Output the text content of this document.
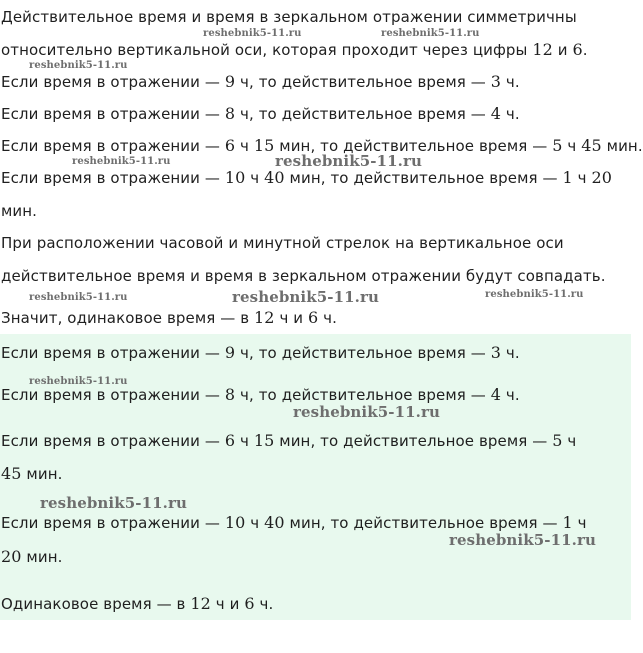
Действительное время и время в зеркальном отражении симметричны
относительно вертикальной оси, которая проходит через цифры 12 и 6.
Если время в отражении — 9 ч, то действительное время — 3 ч.
Если время в отражении — 8 ч, то действительное время — 4 ч.
Если время в отражении — 6 ч 15 мин, то действительное время — 5 ч 45 мин.
Если время в отражении — 10 ч 40 мин, то действительное время — 1 ч 20
мин.
При расположении часовой и минутной стрелок на вертикальное оси
действительное время и время в зеркальном отражении будут совпадать.
Значит, одинаковое время — в 12 ч и 6 ч.
Если время в отражении — 9 ч, то действительное время — 3 ч.
Если время в отражении — 8 ч, то действительное время — 4 ч.
Если время в отражении — 6 ч 15 мин, то действительное время — 5 ч
45 мин.
Если время в отражении — 10 ч 40 мин, то действительное время — 1 ч
20 мин.
Одинаковое время — в 12 ч и 6 ч.
reshebnik5-11.ru	reshebnik5-11.ru
reshebnik5-11.ru
reshebnik5-11.ru	reshebnik5-11.ru
reshebnik5-11.ru	reshebnik5-11.ru	reshebnik5-11.ru
reshebnik5-11.ru
reshebnik5-11.ru
reshebnik5-11.ru
reshebnik5-11.ru
